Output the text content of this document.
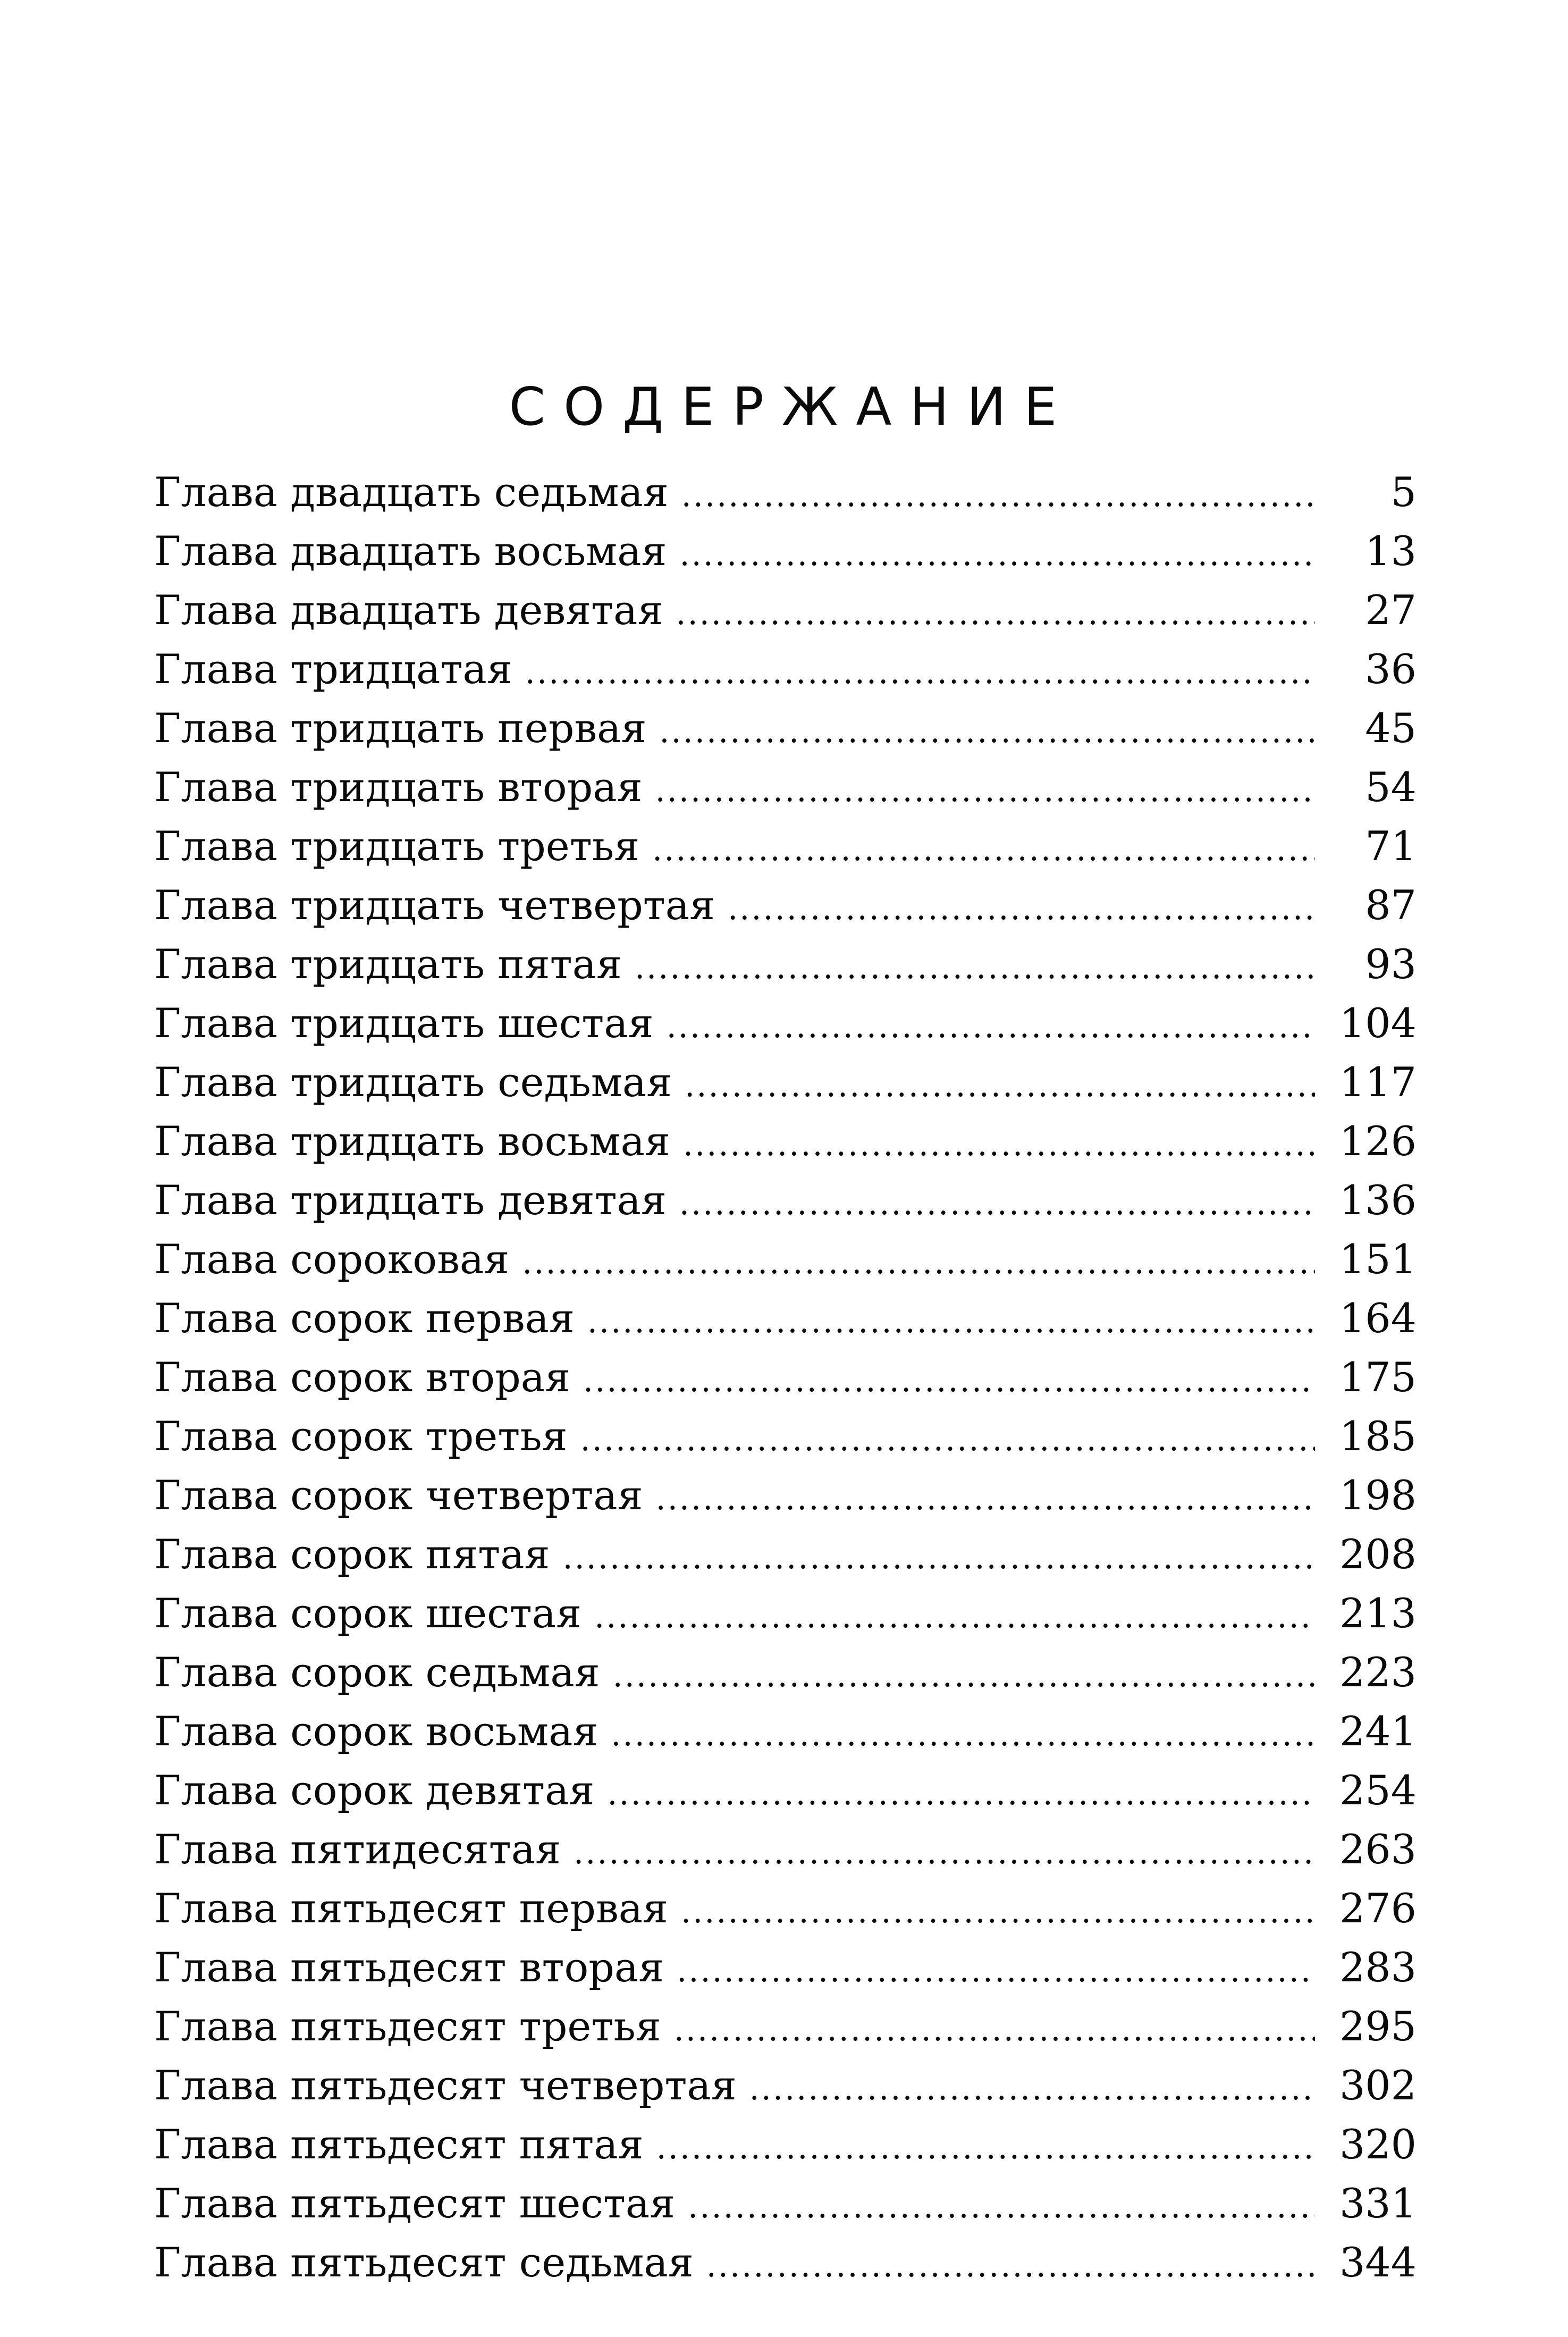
СОДЕРЖАНИЕ
Глава двадцать седьмая . . .	5
Глава двадцать восьмая . . .	13
Глава двадцать девятая . . .	27
Глава тридцатая . . .	36
Глава тридцать первая . . .	45
Глава тридцать вторая . . .	54
Глава тридцать третья . . .	71
Глава тридцать четвертая . . .	87
Глава тридцать пятая . . .	93
Глава тридцать шестая . . .	104
Глава тридцать седьмая . . .	117
Глава тридцать восьмая . . .	126
Глава тридцать девятая . . .	136
Глава сороковая . . .	151
Глава сорок первая . . .	164
Глава сорок вторая . . .	175
Глава сорок третья . . .	185
Глава сорок четвертая . . .	198
Глава сорок пятая . . .	208
Глава сорок шестая . . .	213
Глава сорок седьмая . . .	223
Глава сорок восьмая . . .	241
Глава сорок девятая . . .	254
Глава пятидесятая . . .	263
Глава пятьдесят первая . . .	276
Глава пятьдесят вторая . . .	283
Глава пятьдесят третья . . .	295
Глава пятьдесят четвертая . . .	302
Глава пятьдесят пятая . . .	320
Глава пятьдесят шестая . . .	331
Глава пятьдесят седьмая . . .	344
